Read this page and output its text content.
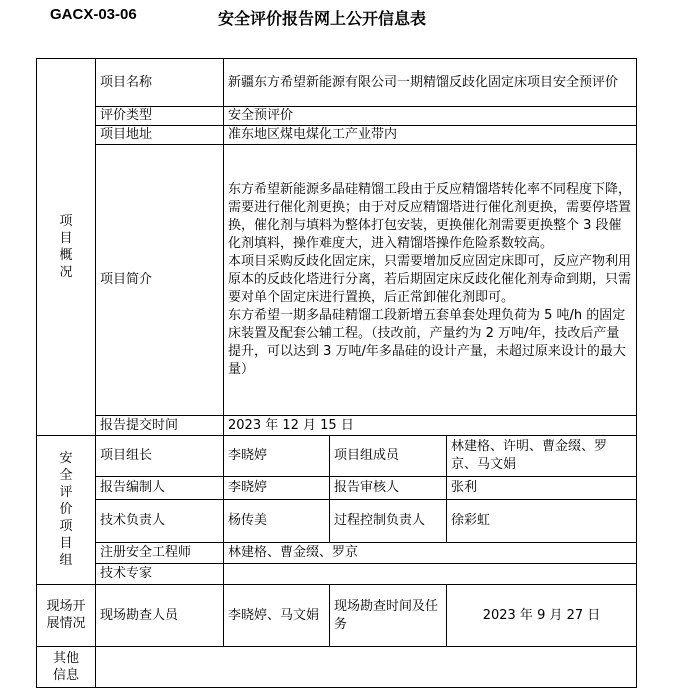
GACX-03-06	安全评价报告网上公开信息表
项目概况	项目名称	新疆东方希望新能源有限公司一期精馏反歧化固定床项目安全预评价		
	评价类型	安全预评价		
	项目地址	准东地区煤电煤化工产业带内		
	项目简介	东方希望新能源多晶硅精馏工段由于反应精馏塔转化率不同程度下降，需要进行催化剂更换；由于对反应精馏塔进行催化剂更换，需要停塔置换，催化剂与填料为整体打包安装，更换催化剂需要更换整个 3 段催化剂填料，操作难度大，进入精馏塔操作危险系数较高。

本项目采购反歧化固定床，只需要增加反应固定床即可，反应产物利用原本的反歧化塔进行分离，若后期固定床反歧化催化剂寿命到期，只需要对单个固定床进行置换，后正常卸催化剂即可。

东方希望一期多晶硅精馏工段新增五套单套处理负荷为 5 吨/h 的固定床装置及配套公辅工程。（技改前，产量约为 2 万吨/年，技改后产量提升，可以达到 3 万吨/年多晶硅的设计产量，未超过原来设计的最大量）		

	报告提交时间	2023 年 12 月 15 日		
安全评价项目组	项目组长	李晓婷	项目组成员	林建格、许明、曹金缀、罗京、马文娟
	报告编制人	李晓婷	报告审核人	张利
	技术负责人	杨传美	过程控制负责人	徐彩虹
	注册安全工程师	林建格、曹金缀、罗京		
	技术专家			
现场开展情况	现场勘查人员	李晓婷、马文娟	现场勘查时间及任务	2023 年 9 月 27 日
其他信息				
